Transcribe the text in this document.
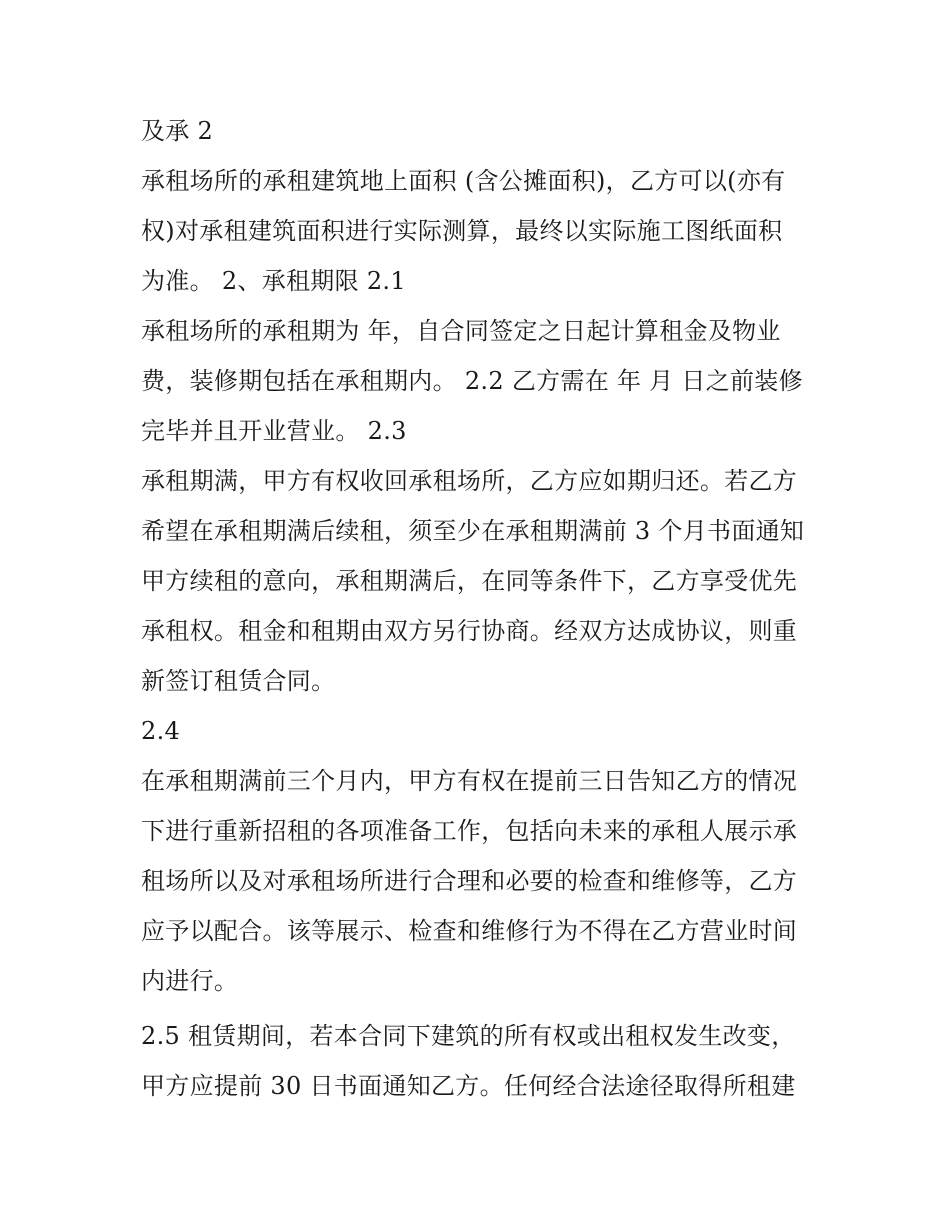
及承 2
承租场所的承租建筑地上面积 (含公摊面积)，乙方可以(亦有
权)对承租建筑面积进行实际测算，最终以实际施工图纸面积
为准。 2、承租期限 2.1
承租场所的承租期为 年，自合同签定之日起计算租金及物业
费，装修期包括在承租期内。 2.2 乙方需在 年 月 日之前装修
完毕并且开业营业。 2.3
承租期满，甲方有权收回承租场所，乙方应如期归还。若乙方
希望在承租期满后续租，须至少在承租期满前 3 个月书面通知
甲方续租的意向，承租期满后，在同等条件下，乙方享受优先
承租权。租金和租期由双方另行协商。经双方达成协议，则重
新签订租赁合同。
2.4
在承租期满前三个月内，甲方有权在提前三日告知乙方的情况
下进行重新招租的各项准备工作，包括向未来的承租人展示承
租场所以及对承租场所进行合理和必要的检查和维修等，乙方
应予以配合。该等展示、检查和维修行为不得在乙方营业时间
内进行。
2.5 租赁期间，若本合同下建筑的所有权或出租权发生改变，
甲方应提前 30 日书面通知乙方。任何经合法途径取得所租建
